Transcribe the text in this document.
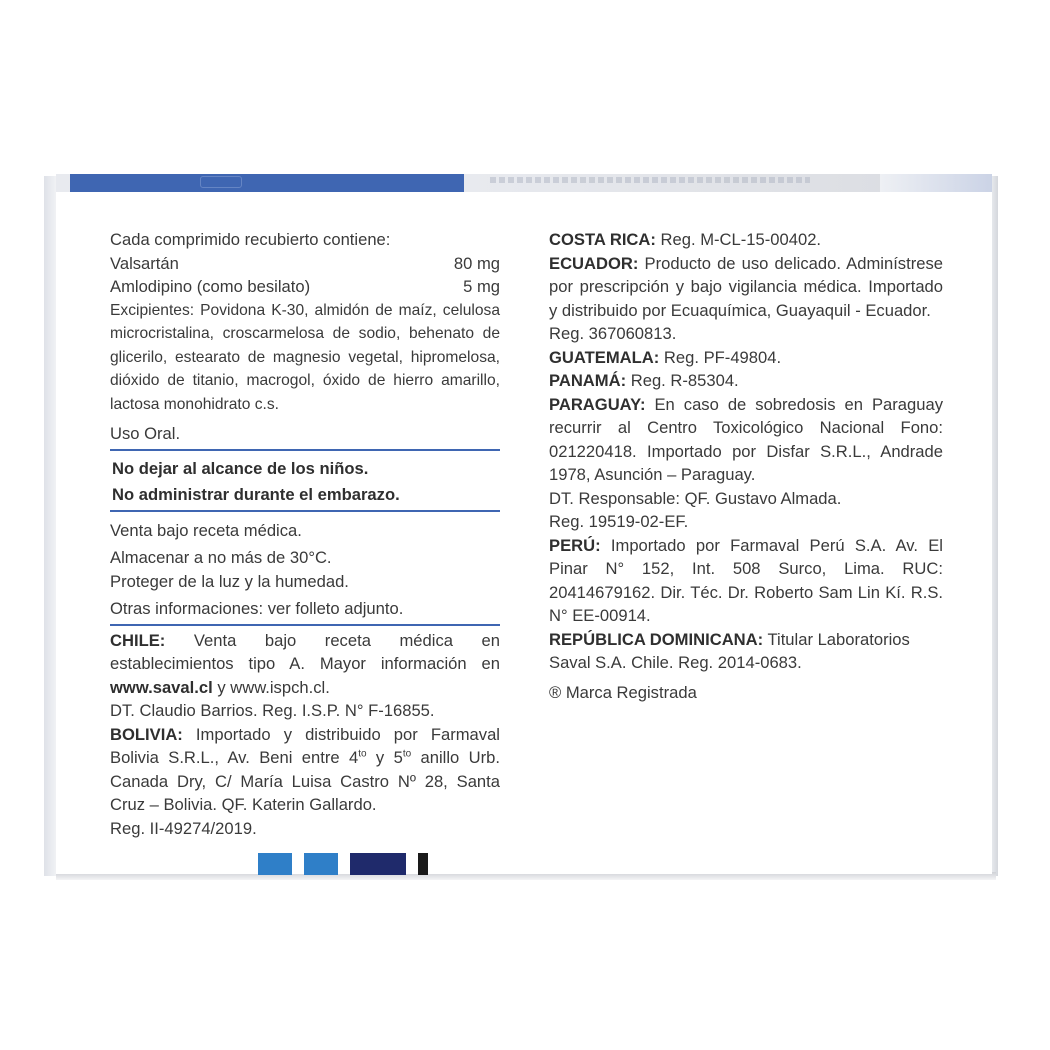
Cada comprimido recubierto contiene:

Valsartán	80 mg
Amlodipino (como besilato)	5 mg

Excipientes: Povidona K-30, almidón de maíz, celulosa microcristalina, croscarmelosa de sodio, behenato de glicerilo, estearato de magnesio vegetal, hipromelosa, dióxido de titanio, macrogol, óxido de hierro amarillo, lactosa monohidrato c.s.

Uso Oral.

No dejar al alcance de los niños.
No administrar durante el embarazo.

Venta bajo receta médica.

Almacenar a no más de 30°C.

Proteger de la luz y la humedad.

Otras informaciones: ver folleto adjunto.

CHILE: Venta bajo receta médica en establecimientos tipo A. Mayor información en www.saval.cl y www.ispch.cl.

DT. Claudio Barrios. Reg. I.S.P. N° F-16855.

BOLIVIA: Importado y distribuido por Farmaval Bolivia S.R.L., Av. Beni entre $4^{to}$ y $5^{to}$ anillo Urb. Canada Dry, C/ María Luisa Castro Nº 28, Santa Cruz – Bolivia. QF. Katerin Gallardo.

Reg. II-49274/2019.

COSTA RICA: Reg. M-CL-15-00402.

ECUADOR: Producto de uso delicado. Adminístrese por prescripción y bajo vigilancia médica. Importado y distribuido por Ecuaquímica, Guayaquil - Ecuador.

Reg. 367060813.

GUATEMALA: Reg. PF-49804.

PANAMÁ: Reg. R-85304.

PARAGUAY: En caso de sobredosis en Paraguay recurrir al Centro Toxicológico Nacional Fono: 021220418. Importado por Disfar S.R.L., Andrade 1978, Asunción – Paraguay.

DT. Responsable: QF. Gustavo Almada.

Reg. 19519-02-EF.

PERÚ: Importado por Farmaval Perú S.A. Av. El Pinar N° 152, Int. 508 Surco, Lima. RUC: 20414679162. Dir. Téc. Dr. Roberto Sam Lin Kí. R.S. N° EE-00914.

REPÚBLICA DOMINICANA: Titular Laboratorios Saval S.A. Chile. Reg. 2014-0683.

® Marca Registrada
